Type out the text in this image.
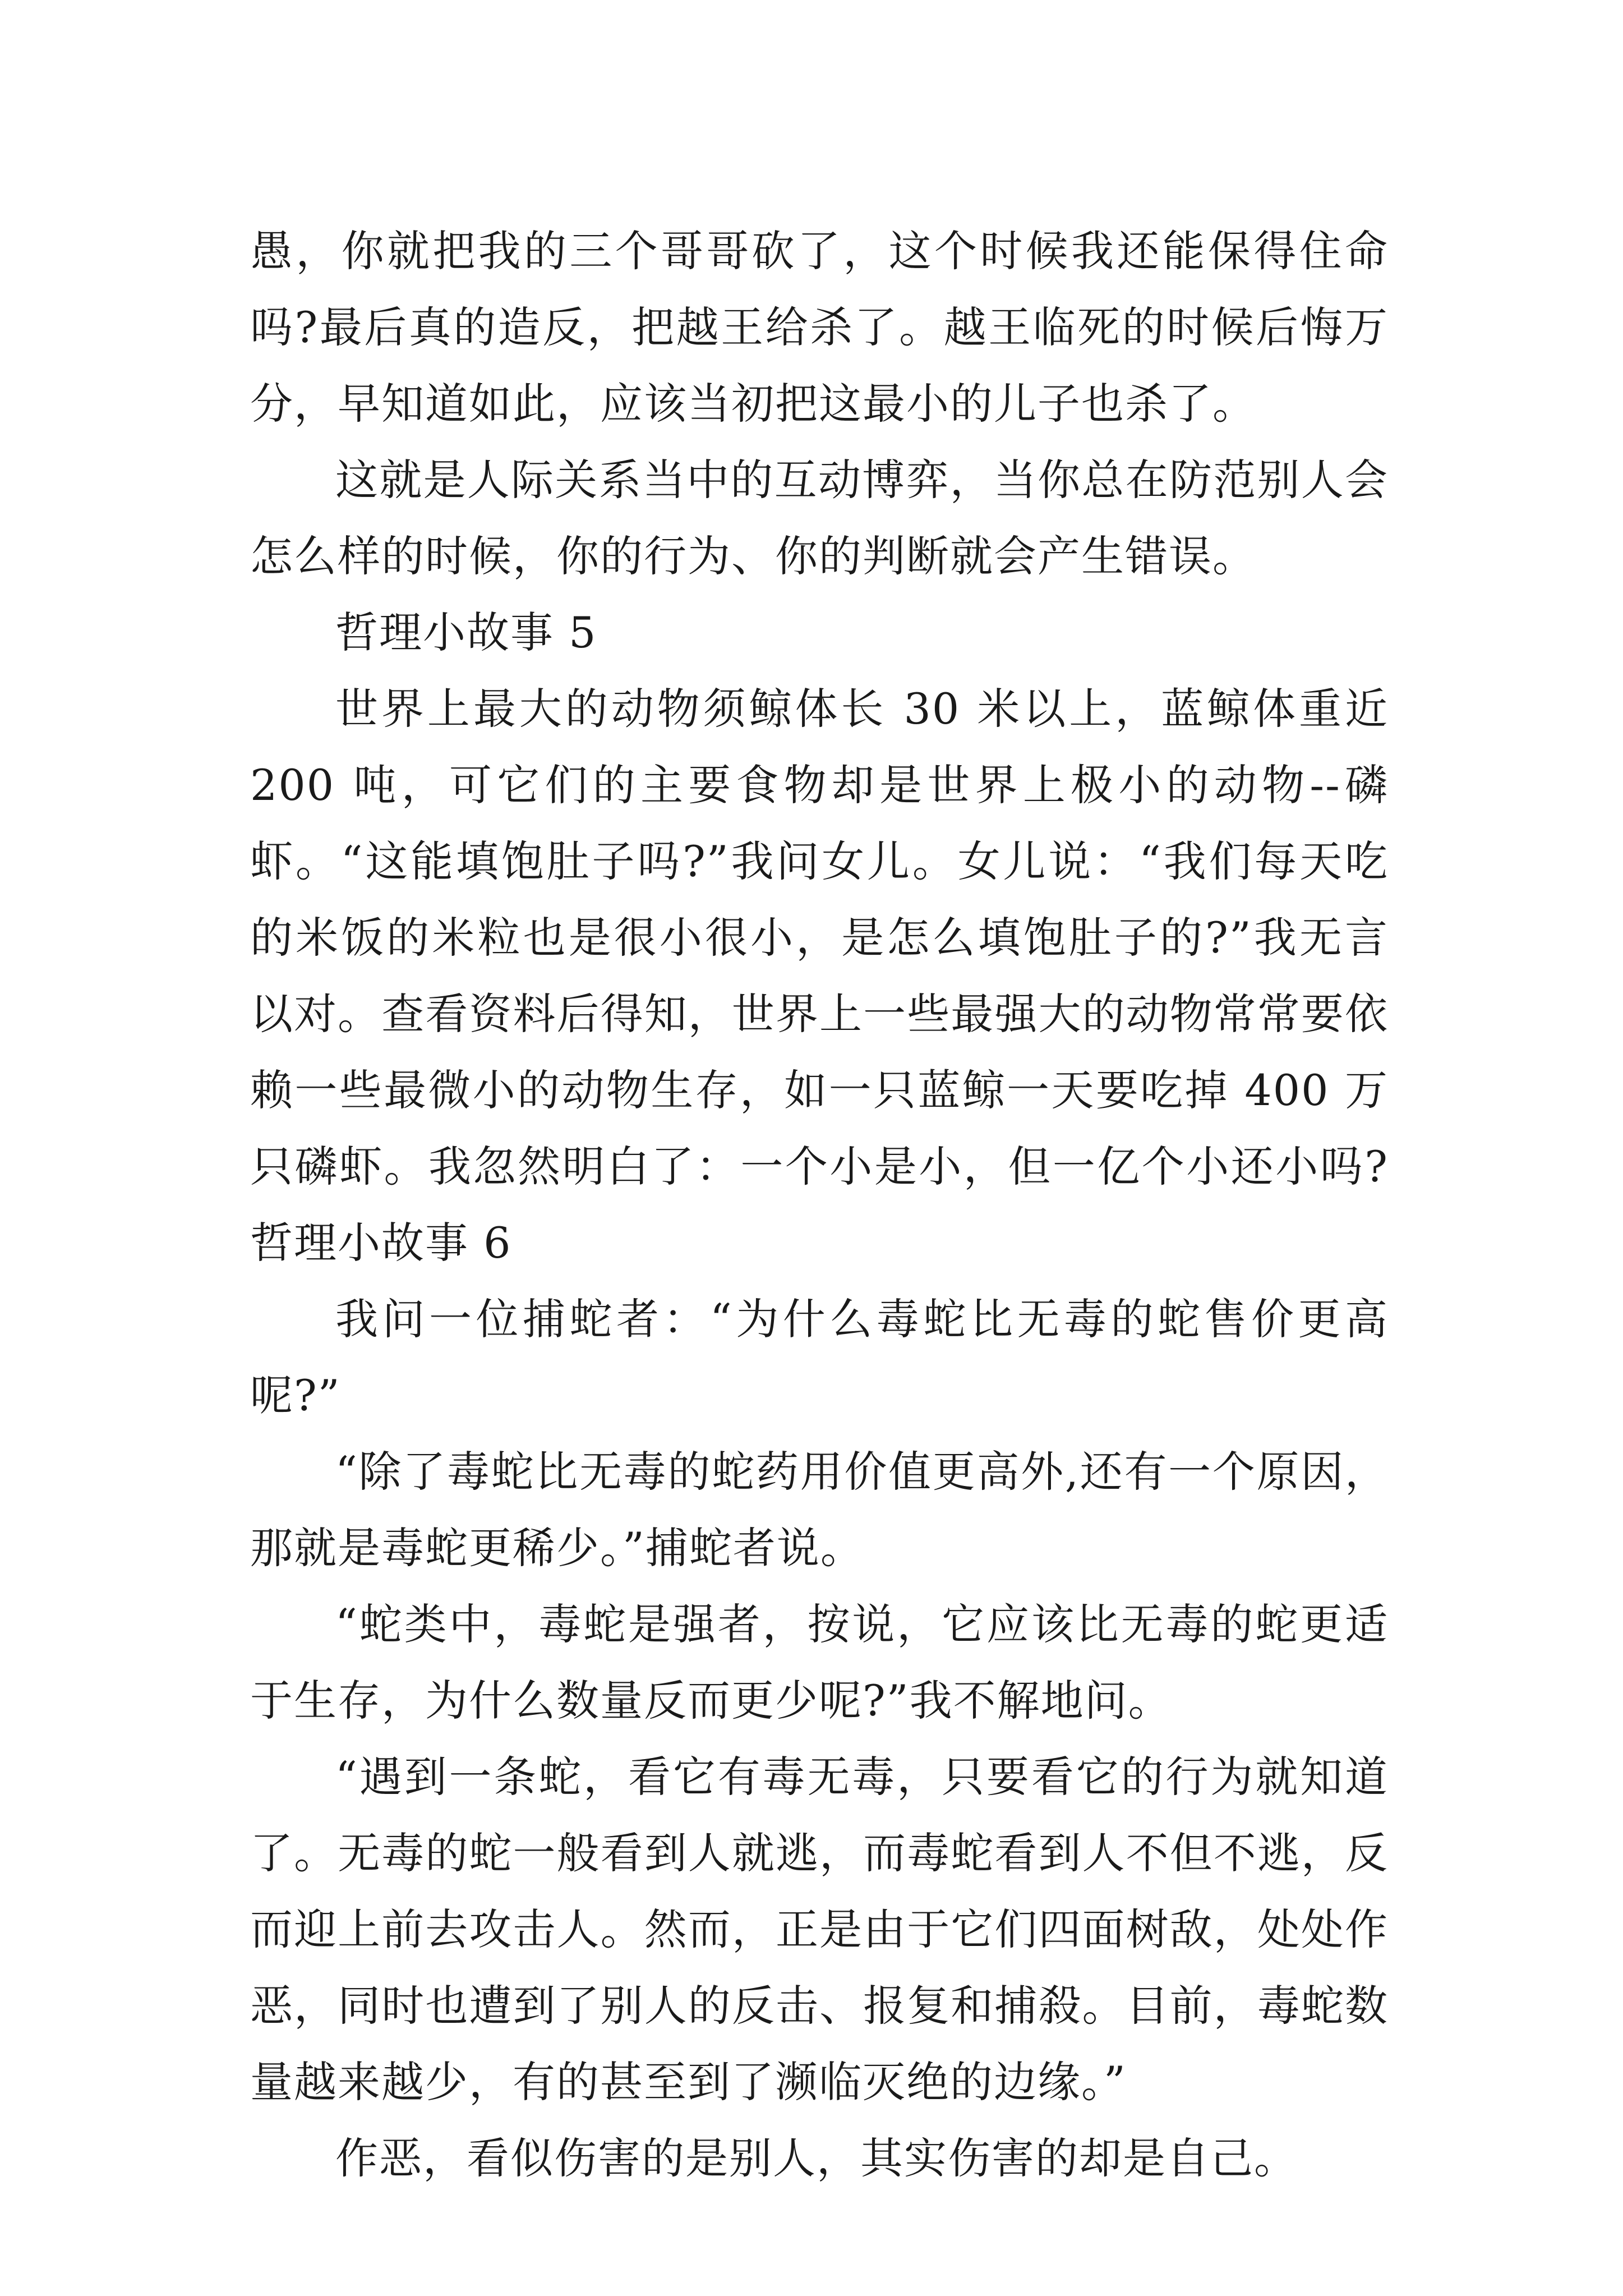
愚，你就把我的三个哥哥砍了，这个时候我还能保得住命吗?最后真的造反，把越王给杀了。越王临死的时候后悔万分，早知道如此，应该当初把这最小的儿子也杀了。

这就是人际关系当中的互动博弈，当你总在防范别人会怎么样的时候，你的行为、你的判断就会产生错误。

哲理小故事 5

世界上最大的动物须鲸体长 30 米以上，蓝鲸体重近 200 吨，可它们的主要食物却是世界上极小的动物--磷虾。“这能填饱肚子吗?”我问女儿。女儿说：“我们每天吃的米饭的米粒也是很小很小，是怎么填饱肚子的?”我无言以对。查看资料后得知，世界上一些最强大的动物常常要依赖一些最微小的动物生存，如一只蓝鲸一天要吃掉 400 万只磷虾。我忽然明白了：一个小是小，但一亿个小还小吗?哲理小故事 6

我问一位捕蛇者：“为什么毒蛇比无毒的蛇售价更高呢?”

“除了毒蛇比无毒的蛇药用价值更高外,还有一个原因，那就是毒蛇更稀少。”捕蛇者说。

“蛇类中，毒蛇是强者，按说，它应该比无毒的蛇更适于生存，为什么数量反而更少呢?”我不解地问。

“遇到一条蛇，看它有毒无毒，只要看它的行为就知道了。无毒的蛇一般看到人就逃，而毒蛇看到人不但不逃，反而迎上前去攻击人。然而，正是由于它们四面树敌，处处作恶，同时也遭到了别人的反击、报复和捕殺。目前，毒蛇数量越来越少，有的甚至到了濒临灭绝的边缘。”

作恶，看似伤害的是别人，其实伤害的却是自己。
